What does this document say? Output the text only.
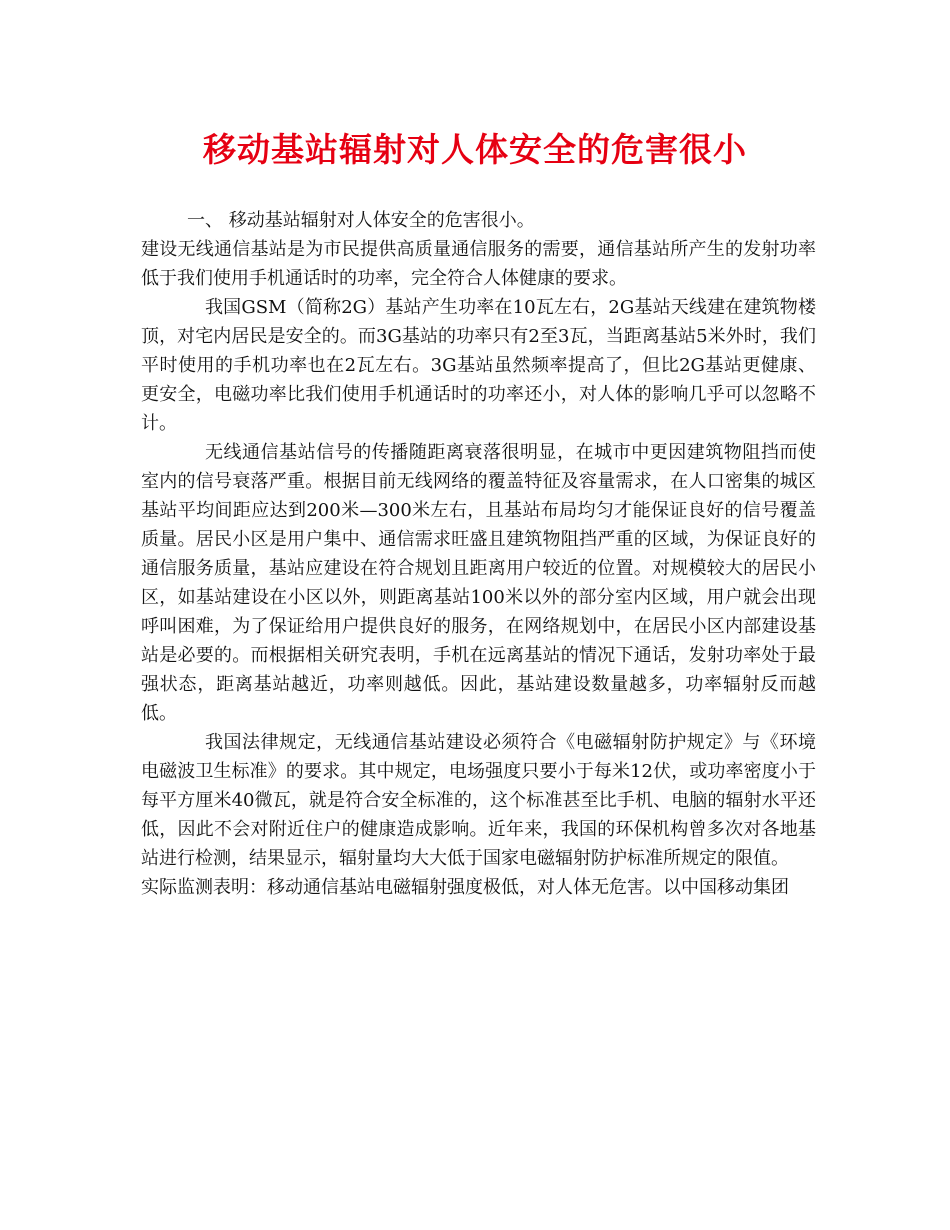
移动基站辐射对人体安全的危害很小

一、 移动基站辐射对人体安全的危害很小。

建设无线通信基站是为市民提供高质量通信服务的需要，通信基站所产生的发射功率低于我们使用手机通话时的功率，完全符合人体健康的要求。

我国GSM（简称2G）基站产生功率在10瓦左右，2G基站天线建在建筑物楼顶，对宅内居民是安全的。而3G基站的功率只有2至3瓦，当距离基站5米外时，我们平时使用的手机功率也在2瓦左右。3G基站虽然频率提高了，但比2G基站更健康、更安全，电磁功率比我们使用手机通话时的功率还小，对人体的影响几乎可以忽略不计。

无线通信基站信号的传播随距离衰落很明显，在城市中更因建筑物阻挡而使室内的信号衰落严重。根据目前无线网络的覆盖特征及容量需求，在人口密集的城区基站平均间距应达到200米—300米左右，且基站布局均匀才能保证良好的信号覆盖质量。居民小区是用户集中、通信需求旺盛且建筑物阻挡严重的区域，为保证良好的通信服务质量，基站应建设在符合规划且距离用户较近的位置。对规模较大的居民小区，如基站建设在小区以外，则距离基站100米以外的部分室内区域，用户就会出现呼叫困难，为了保证给用户提供良好的服务，在网络规划中，在居民小区内部建设基站是必要的。而根据相关研究表明，手机在远离基站的情况下通话，发射功率处于最强状态，距离基站越近，功率则越低。因此，基站建设数量越多，功率辐射反而越低。

我国法律规定，无线通信基站建设必须符合《电磁辐射防护规定》与《环境电磁波卫生标准》的要求。其中规定，电场强度只要小于每米12伏，或功率密度小于每平方厘米40微瓦，就是符合安全标准的，这个标准甚至比手机、电脑的辐射水平还低，因此不会对附近住户的健康造成影响。近年来，我国的环保机构曾多次对各地基站进行检测，结果显示，辐射量均大大低于国家电磁辐射防护标准所规定的限值。

实际监测表明：移动通信基站电磁辐射强度极低，对人体无危害。以中国移动集团
